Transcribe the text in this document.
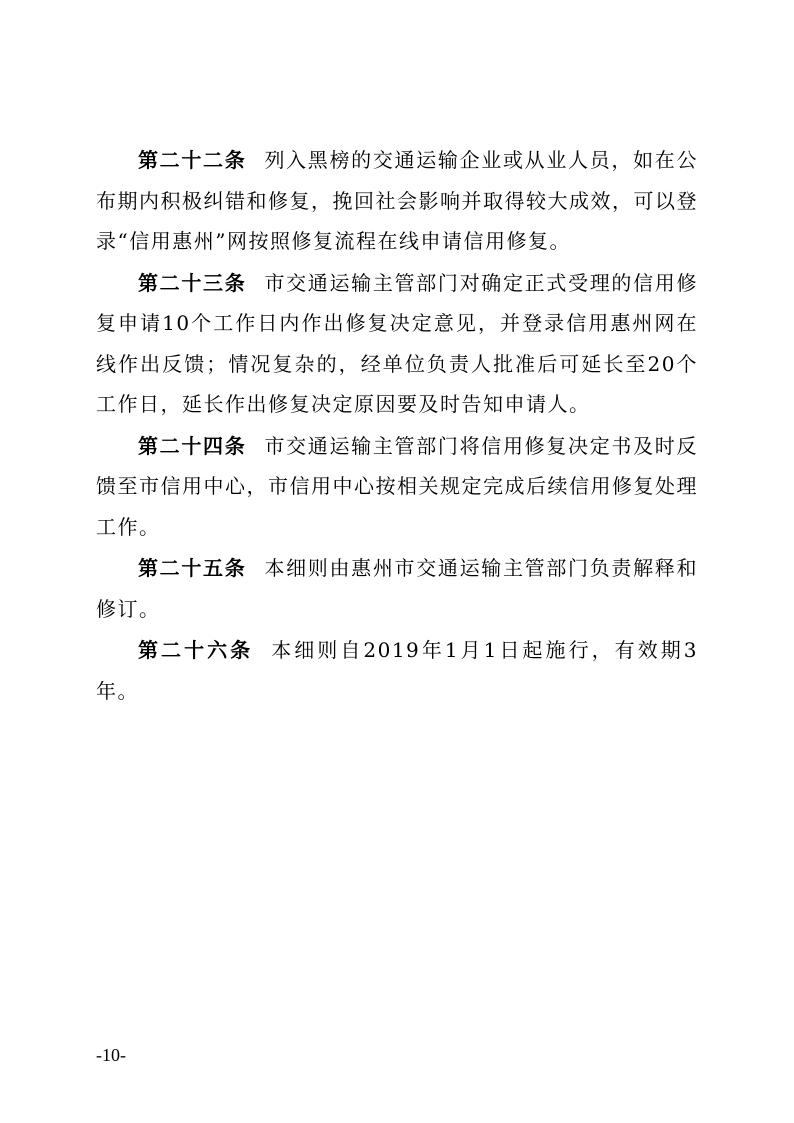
第二十二条 列入黑榜的交通运输企业或从业人员，如在公布期内积极纠错和修复，挽回社会影响并取得较大成效，可以登录“信用惠州”网按照修复流程在线申请信用修复。

第二十三条 市交通运输主管部门对确定正式受理的信用修复申请10个工作日内作出修复决定意见，并登录信用惠州网在线作出反馈；情况复杂的，经单位负责人批准后可延长至20个工作日，延长作出修复决定原因要及时告知申请人。

第二十四条 市交通运输主管部门将信用修复决定书及时反馈至市信用中心，市信用中心按相关规定完成后续信用修复处理工作。

第二十五条 本细则由惠州市交通运输主管部门负责解释和修订。

第二十六条 本细则自2019年1月1日起施行，有效期3年。

-10-
